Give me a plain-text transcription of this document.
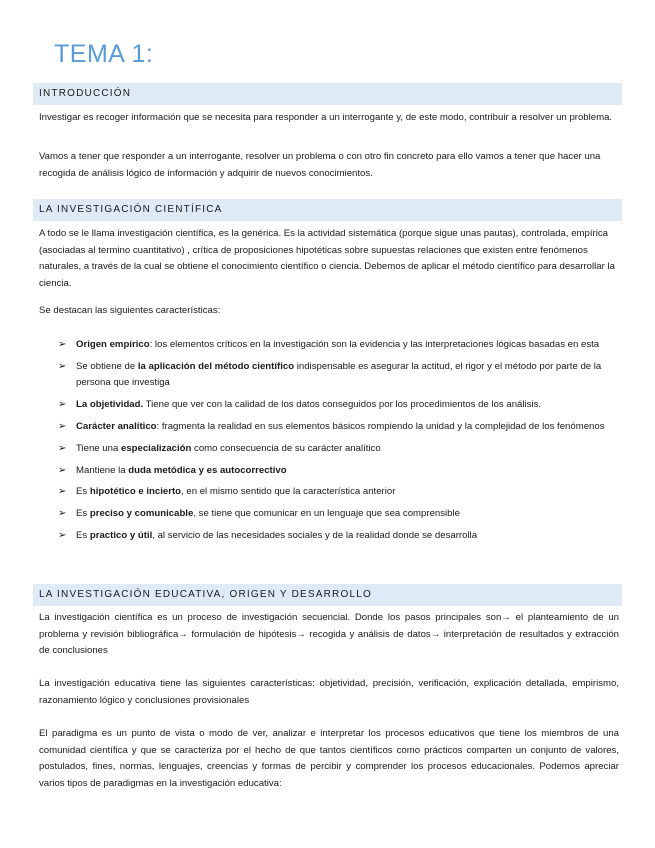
TEMA 1:
INTRODUCCIÓN
Investigar es recoger información que se necesita para responder a un interrogante y, de este modo, contribuir a resolver un problema.
Vamos a tener que responder a un interrogante, resolver un problema o con otro fin concreto para ello vamos a tener que hacer una recogida de análisis lógico de información y adquirir de nuevos conocimientos.
LA INVESTIGACIÓN CIENTÍFICA
A todo se le llama investigación científica, es la genérica. Es la actividad sistemática (porque sigue unas pautas), controlada, empírica (asociadas al termino cuantitativo) , crítica de proposiciones hipotéticas sobre supuestas relaciones que existen entre fenómenos naturales, a través de la cual se obtiene el conocimiento científico o ciencia. Debemos de aplicar el método científico para desarrollar la ciencia.
Se destacan las siguientes características:
➢ Origen empírico: los elementos críticos en la investigación son la evidencia y las interpretaciones lógicas basadas en esta
➢ Se obtiene de la aplicación del método científico indispensable es asegurar la actitud, el rigor y el método por parte de la persona que investiga
➢ La objetividad. Tiene que ver con la calidad de los datos conseguidos por los procedimientos de los análisis.
➢ Carácter analítico: fragmenta la realidad en sus elementos básicos rompiendo la unidad y la complejidad de los fenómenos
➢ Tiene una especialización como consecuencia de su carácter analítico
➢ Mantiene la duda metódica y es autocorrectivo
➢ Es hipotético e incierto, en el mismo sentido que la característica anterior
➢ Es preciso y comunicable, se tiene que comunicar en un lenguaje que sea comprensible
➢ Es practico y útil, al servicio de las necesidades sociales y de la realidad donde se desarrolla
LA INVESTIGACIÓN EDUCATIVA, ORIGEN Y DESARROLLO
La investigación científica es un proceso de investigación secuencial. Donde los pasos principales son→ el planteamiento de un problema y revisión bibliográfica→ formulación de hipótesis→ recogida y análisis de datos→ interpretación de resultados y extracción de conclusiones
La investigación educativa tiene las siguientes características: objetividad, precisión, verificación, explicación detallada, empirismo, razonamiento lógico y conclusiones provisionales
El paradigma es un punto de vista o modo de ver, analizar e interpretar los procesos educativos que tiene los miembros de una comunidad científica y que se caracteriza por el hecho de que tantos científicos como prácticos comparten un conjunto de valores, postulados, fines, normas, lenguajes, creencias y formas de percibir y comprender los procesos educacionales. Podemos apreciar varios tipos de paradigmas en la investigación educativa:
